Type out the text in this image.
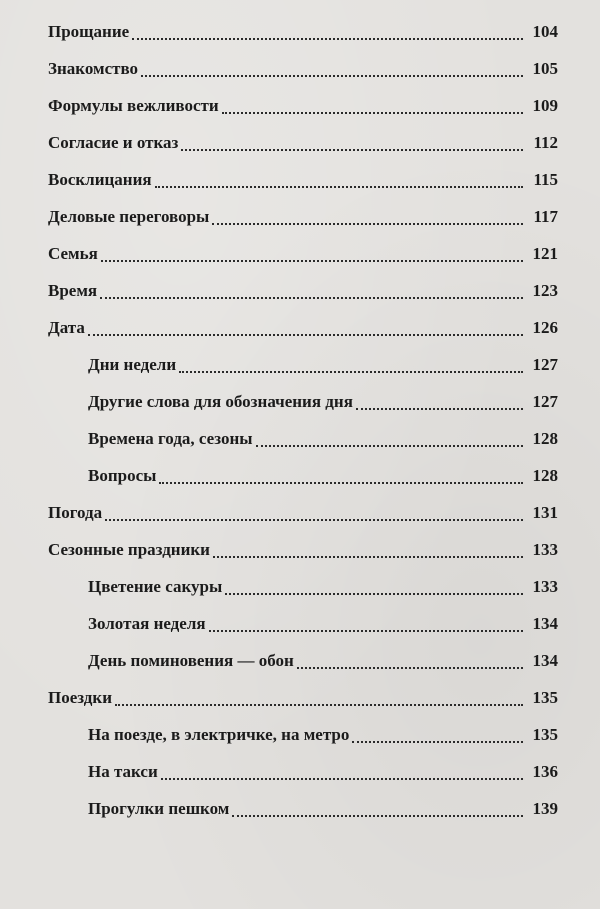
Прощание	104
Знакомство	105
Формулы вежливости	109
Согласие и отказ	112
Восклицания	115
Деловые переговоры	117
Семья	121
Время	123
Дата	126
Дни недели	127
Другие слова для обозначения дня	127
Времена года, сезоны	128
Вопросы	128
Погода	131
Сезонные праздники	133
Цветение сакуры	133
Золотая неделя	134
День поминовения — обон	134
Поездки	135
На поезде, в электричке, на метро	135
На такси	136
Прогулки пешком	139
